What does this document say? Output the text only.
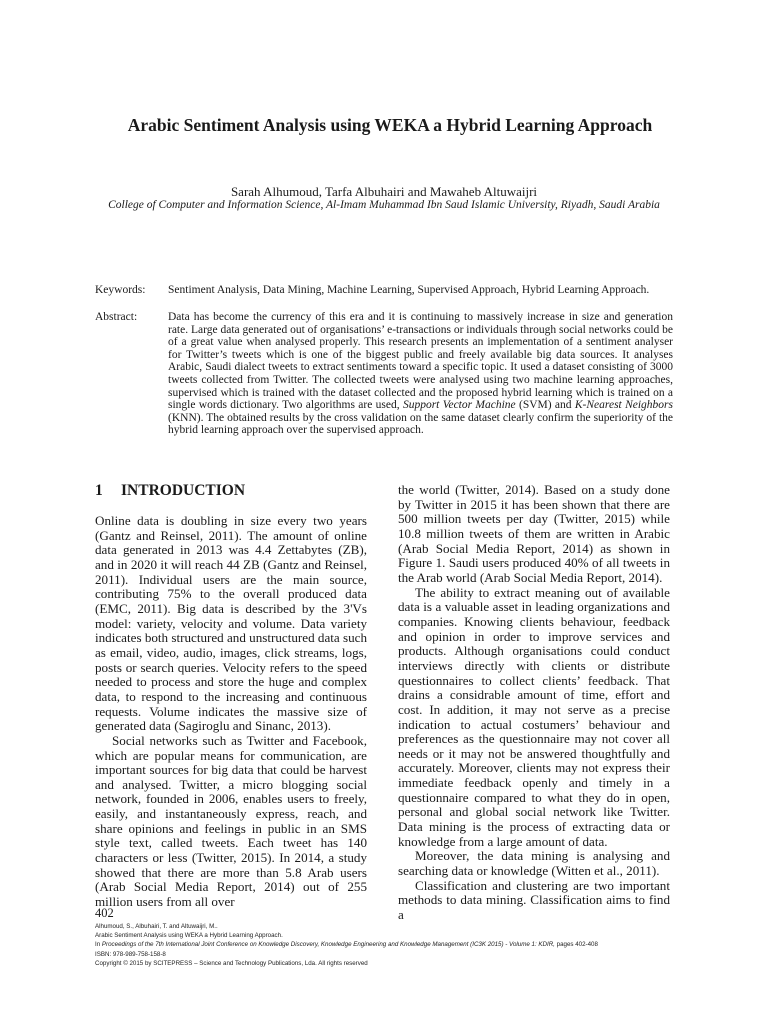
Arabic Sentiment Analysis using WEKA a Hybrid Learning Approach
Sarah Alhumoud, Tarfa Albuhairi and Mawaheb Altuwaijri
College of Computer and Information Science, Al-Imam Muhammad Ibn Saud Islamic University, Riyadh, Saudi Arabia
Keywords: Sentiment Analysis, Data Mining, Machine Learning, Supervised Approach, Hybrid Learning Approach.
Abstract:	Data has become the currency of this era and it is continuing to massively increase in size and generation rate. Large data generated out of organisations’ e-transactions or individuals through social networks could be of a great value when analysed properly. This research presents an implementation of a sentiment analyser for Twitter’s tweets which is one of the biggest public and freely available big data sources. It analyses Arabic, Saudi dialect tweets to extract sentiments toward a specific topic. It used a dataset consisting of 3000 tweets collected from Twitter. The collected tweets were analysed using two machine learning approaches, supervised which is trained with the dataset collected and the proposed hybrid learning which is trained on a single words dictionary. Two algorithms are used, Support Vector Machine (SVM) and K-Nearest Neighbors (KNN). The obtained results by the cross validation on the same dataset clearly confirm the superiority of the hybrid learning approach over the supervised approach.

1 INTRODUCTION

Online data is doubling in size every two years (Gantz and Reinsel, 2011). The amount of online data generated in 2013 was 4.4 Zettabytes (ZB), and in 2020 it will reach 44 ZB (Gantz and Reinsel, 2011). Individual users are the main source, contributing 75% to the overall produced data (EMC, 2011). Big data is described by the 3'Vs model: variety, velocity and volume. Data variety indicates both structured and unstructured data such as email, video, audio, images, click streams, logs, posts or search queries. Velocity refers to the speed needed to process and store the huge and complex data, to respond to the increasing and continuous requests. Volume indicates the massive size of generated data (Sagiroglu and Sinanc, 2013).

Social networks such as Twitter and Facebook, which are popular means for communication, are important sources for big data that could be harvest and analysed. Twitter, a micro blogging social network, founded in 2006, enables users to freely, easily, and instantaneously express, reach, and share opinions and feelings in public in an SMS style text, called tweets. Each tweet has 140 characters or less (Twitter, 2015). In 2014, a study showed that there are more than 5.8 Arab users (Arab Social Media Report, 2014) out of 255 million users from all over

the world (Twitter, 2014). Based on a study done by Twitter in 2015 it has been shown that there are 500 million tweets per day (Twitter, 2015) while 10.8 million tweets of them are written in Arabic (Arab Social Media Report, 2014) as shown in Figure 1. Saudi users produced 40% of all tweets in the Arab world (Arab Social Media Report, 2014).

The ability to extract meaning out of available data is a valuable asset in leading organizations and companies. Knowing clients behaviour, feedback and opinion in order to improve services and products. Although organisations could conduct interviews directly with clients or distribute questionnaires to collect clients’ feedback. That drains a considrable amount of time, effort and cost. In addition, it may not serve as a precise indication to actual costumers’ behaviour and preferences as the questionnaire may not cover all needs or it may not be answered thoughtfully and accurately. Moreover, clients may not express their immediate feedback openly and timely in a questionnaire compared to what they do in open, personal and global social network like Twitter. Data mining is the process of extracting data or knowledge from a large amount of data.

Moreover, the data mining is analysing and searching data or knowledge (Witten et al., 2011).

Classification and clustering are two important methods to data mining. Classification aims to find a

402
Alhumoud, S., Albuhairi, T. and Altuwaijri, M..
Arabic Sentiment Analysis using WEKA a Hybrid Learning Approach.
In Proceedings of the 7th International Joint Conference on Knowledge Discovery, Knowledge Engineering and Knowledge Management (IC3K 2015) - Volume 1: KDIR, pages 402-408
ISBN: 978-989-758-158-8
Copyright © 2015 by SCITEPRESS – Science and Technology Publications, Lda. All rights reserved
